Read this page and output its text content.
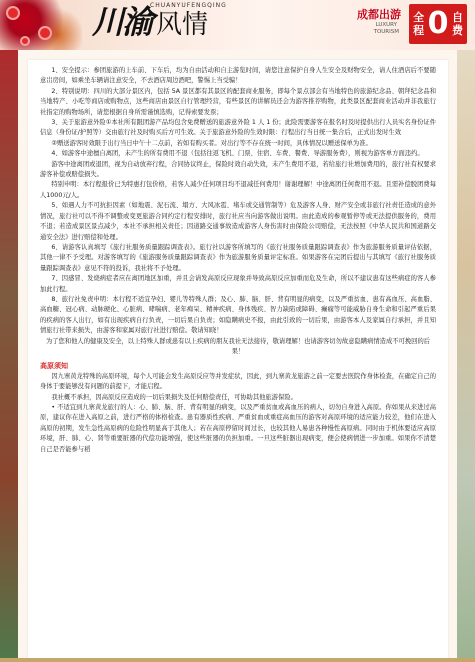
川渝 风情
CHUANYUFENGQING
成都出游
LUXURY
TOURISM
全程 0 自费

1、安全提示：参团旅游的上车前、下车后，均为自由活动和自主游览时间，请您注意保护自身人生安全及财物安全，请人住酒店后不要随意岀房间，如乘坐车辆请注意安全，不去酒店周边酒吧，警惕上当受骗！

2、特别说明：四川的大部分景区内，包括 5A 景区都有其景区的配套商业服务，即每个景点部会有当地特色的旅游纪念品、朝拜纪念品和当地特产、小吃等商店或购物点，这些商店由景区自行管理经营，有些景区的讲解员还会为游客推荐购物，此类景区配套商业活动并非我旅行社指定的购物场所，请您根据自身所需谨慎选购，记得索要发票；

3、关于旅游意外险①本社所有跟团游产品均包含免费赠送的旅游意外险 1 人 1 份；此险需要游客在报名时及时提供出行人员实名身份证件信息（身份证/护照等）交由旅行社及时购买后方可生效。关于旅游意外险的生效时限：行程出行当日统一集合后，正式出发时生效

②赠送游客时效限于出行当日中午十二点前，若如有购买者。对出行等不存在统一时间，具体情况以赠送保单为准。

4、如游客中途擅自离团，未产生的所有费用不退（包括往返飞机、门票、住宿、车费、餐费、导游服务费），则视为游客单方面违约。

游客中途离团或退团，视为自动放弃行程，合同协议终止，保险时效自动失效，未产生费用不退，若给旅行社增加费用的，旅行社有权要求游客补偿或赔偿损失。

特别申明：本行程报价已为特惠打包价格，若客人减少任何项目均不退减任何费用！谢谢理解！中途离团任何费用不退。且需补偿脱团费每人1000元/人。

5、如遇人力不可抗拒因素（如地震、泥石流、塌方、大风冰雹、堵车或交通管制等）危及游客人身、财产安全或非旅行社责任造成的意外情况，旅行社可以不得不调整或变更旅游合同约定行程安排时，旅行社应当向游客做出说明。由此造成的参观暂停等或无法提供服务的，费用不退；若造成景区景点减少，本社不承担相关责任；因道路交通事故造成游客人身伤害时由保险公司赔偿，无法按照《中华人民共和国道路交通安全法》进行赔偿和处理。

6、请游客认真填写《旅行社服务质量跟踪调查表》。旅行社以游客所填写的《旅行社服务质量跟踪调查表》作为旅游服务质量评估依据，其他一律不予受理。对游客填写的《旅游服务质量跟踪调查表》作为旅游服务质量评定标准。如果游客在完团后提出与其填写《旅行社服务质量跟踪调查表》意见不符的投诉，我社将不予处理。

7、因感冒、发烧病症者应在离团地区加重，并且会请发高原反应现象并导致高原反应加重而危及生命，所以不建议患有这些病症的客人参加此行程。

8、旅行社免责申明：本行程不适宜孕妇、婴儿等特殊人群；及心、肺、脑、肝、背有明显的病变，以及严重贫血、患有高血压、高血脂、高血糖、冠心病、动脉硬化、心脏病、哮喘病、老年痴呆、精神疾病、身体残疾、智力缺陷或障碍、癫痫等可能威胁自身生命和引起严重后果的疾病的客人出行，如有出现疾病自行负责，一切后果自负责；如隐瞒病史不报，由此引致的一切后果，由游客本人及家属自行承担，并且知情旅行社带来损失，由游客和家属对旅行社进行赔偿。敬请知晓！

为了您和他人的健康及安全，以上特殊人群或患有以上疾病的朋友我社无法接待，敬请理解！也请游客切勿故意隐瞒病情造成不可挽回的后果！

高原须知

因九寨黄龙特殊的高原环境，每个人可能会发生高原反应等并发症状，因此，到九寨黄龙旅游之前一定要去医院作身体检查，在确定自己的身体于要能够没有问题的前提下，才能启程。

我社概不承担，因高原反应造成的一切后果损失及任何赔偿责任，可协助其他旅游保险。

• 不适宜到九寨黄龙旅行的人：心、肺、脑、肝、背有明显的病变，以及严重贫血或高血压的病人，切勿自身进入高原。你如果从来进过高原，建议你在进入高原之前，进行严格的体格检查。患有器质性疾病、严重贫血或重症高血压的游客对高原环境的适应能力较差，他们在进入高原的初期，发生急性高原病的危险性明显高于其他人；若在高原停留时间过长，也较其他人易患各种慢性高原病。同时由于机体要适应高原环境，肝、肺、心、肾等重要脏器的代偿功能增强，使这些脏器的负担加重。一旦这些脏器出现病变，便会使病情进一步加重。如果你不清楚自己是否能参与稻
